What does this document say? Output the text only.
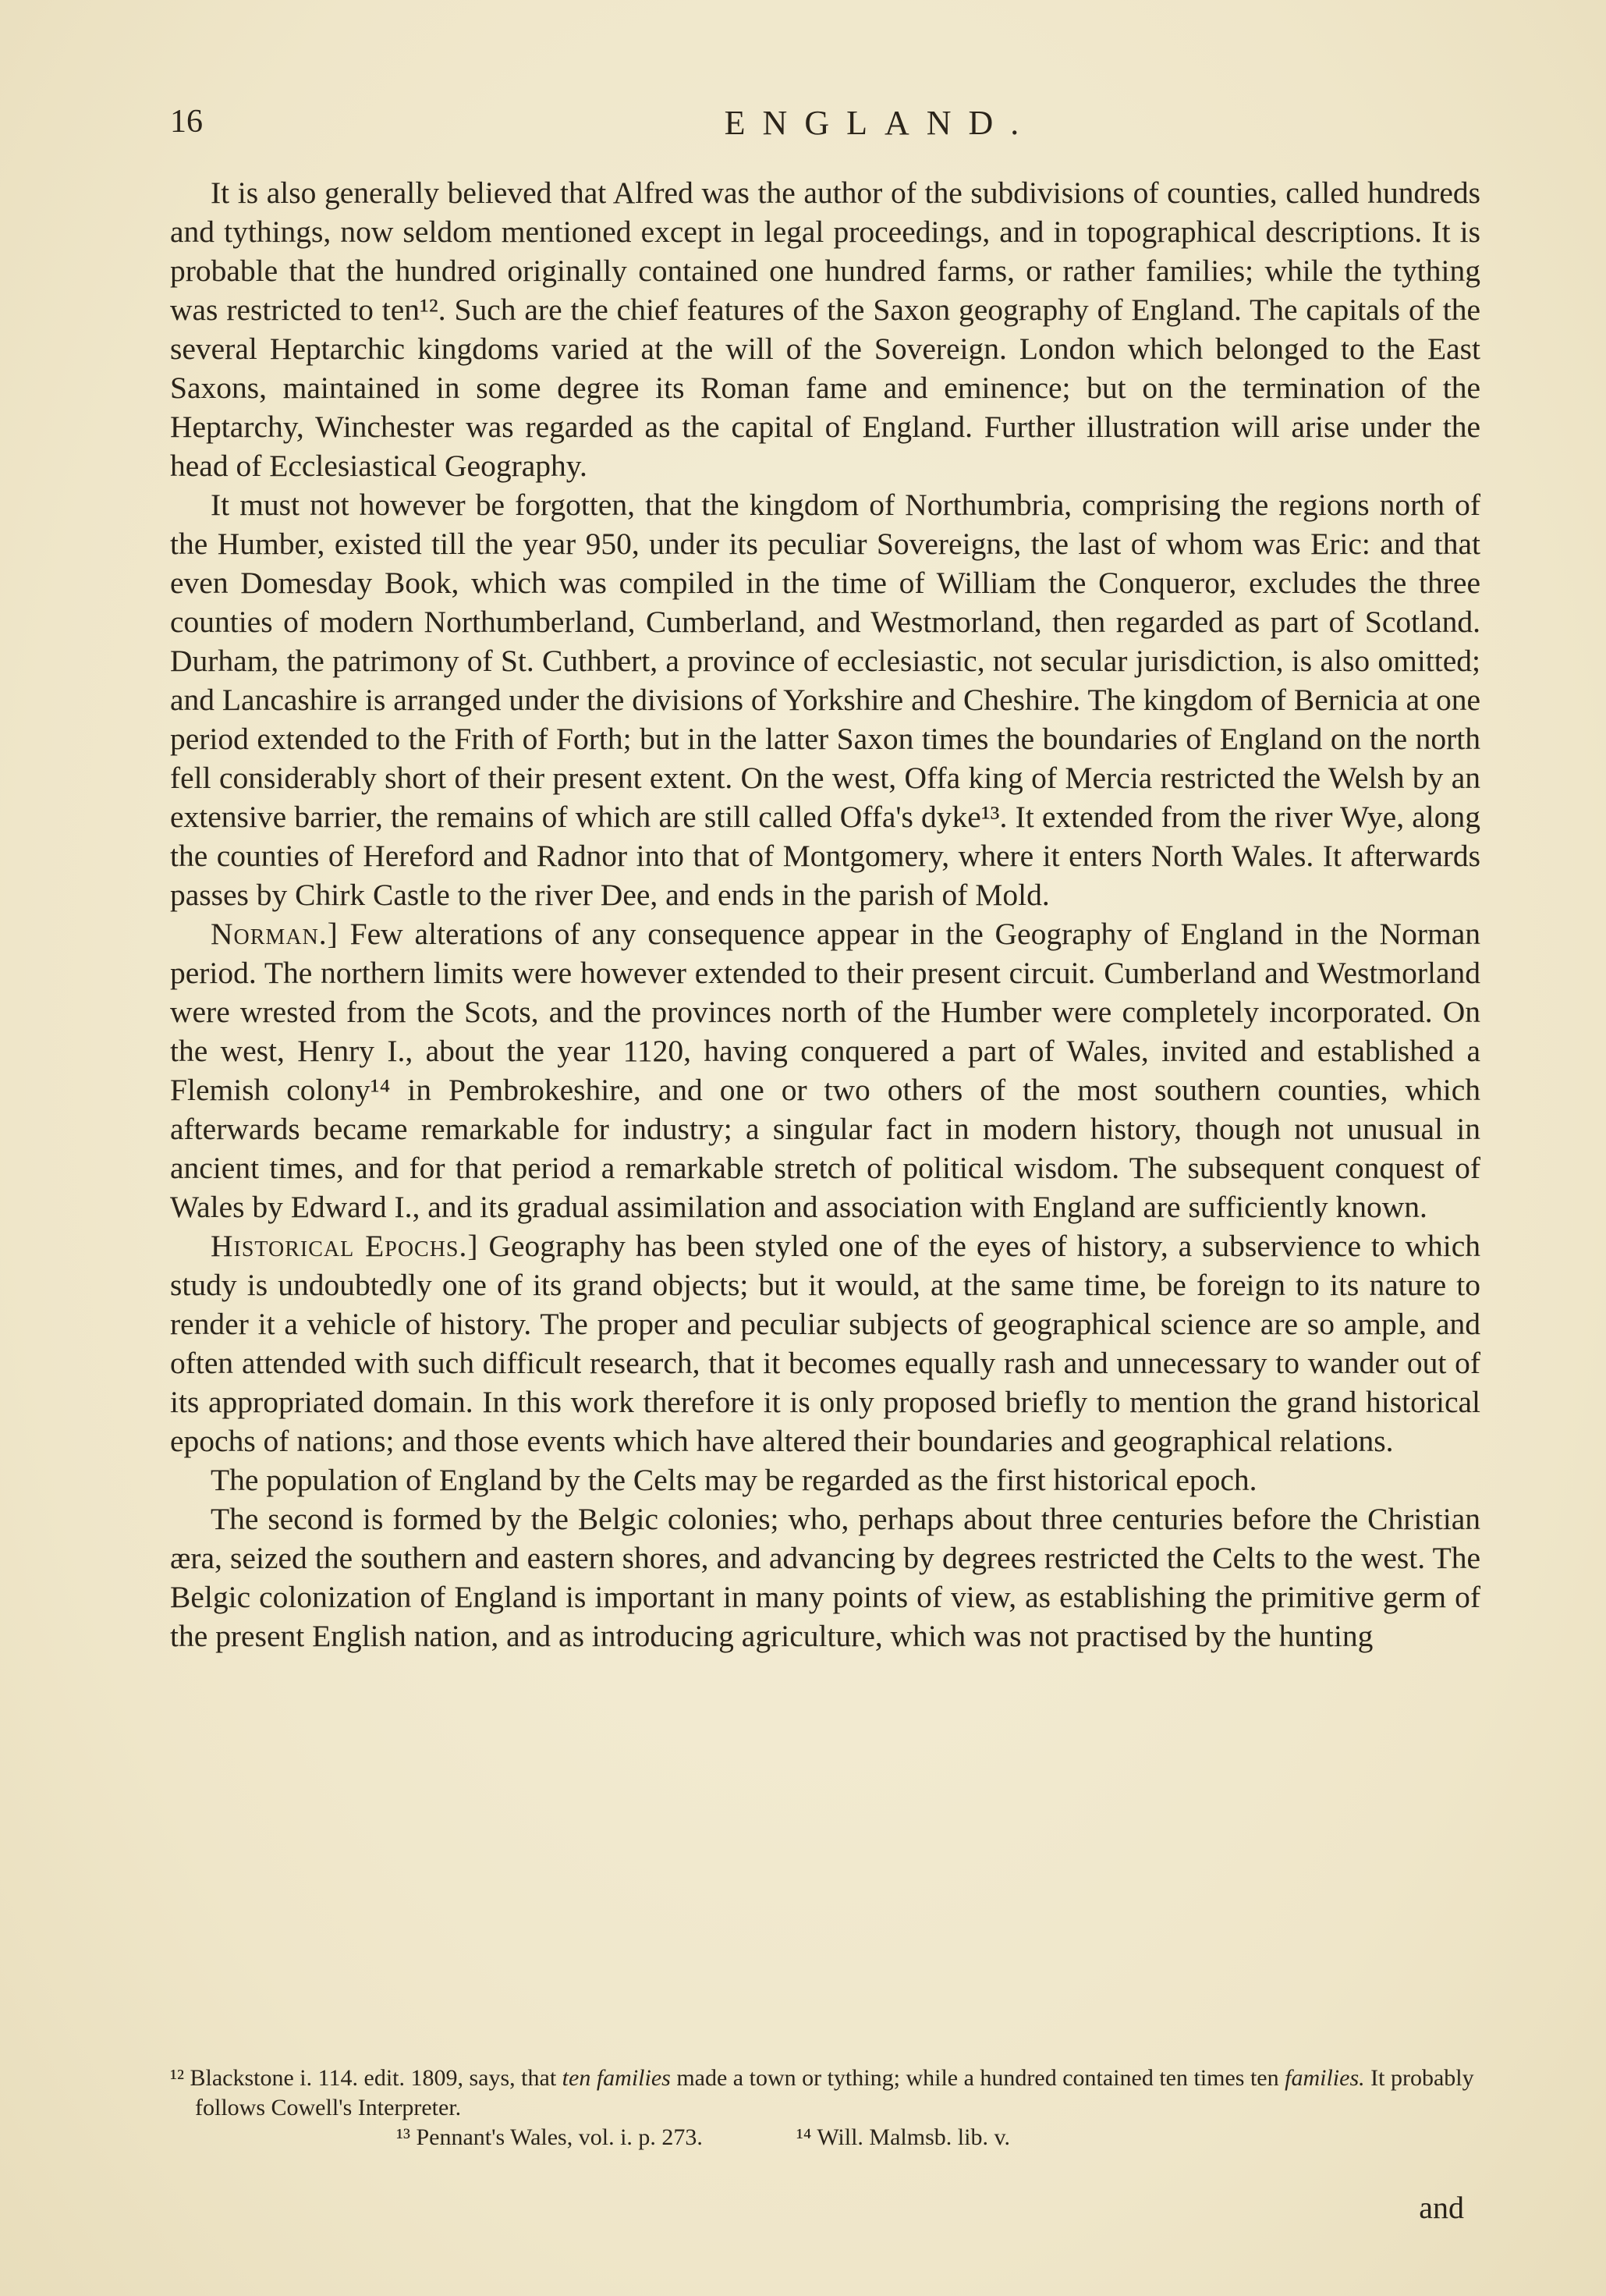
16	ENGLAND.

It is also generally believed that Alfred was the author of the subdivisions of counties, called hundreds and tythings, now seldom mentioned except in legal proceedings, and in topographical descriptions. It is probable that the hundred originally contained one hundred farms, or rather families; while the tything was restricted to ten¹². Such are the chief features of the Saxon geography of England. The capitals of the several Heptarchic kingdoms varied at the will of the Sovereign. London which belonged to the East Saxons, maintained in some degree its Roman fame and eminence; but on the termination of the Heptarchy, Winchester was regarded as the capital of England. Further illustration will arise under the head of Ecclesiastical Geography.

It must not however be forgotten, that the kingdom of Northumbria, comprising the regions north of the Humber, existed till the year 950, under its peculiar Sovereigns, the last of whom was Eric: and that even Domesday Book, which was compiled in the time of William the Conqueror, excludes the three counties of modern Northumberland, Cumberland, and Westmorland, then regarded as part of Scotland. Durham, the patrimony of St. Cuthbert, a province of ecclesiastic, not secular jurisdiction, is also omitted; and Lancashire is arranged under the divisions of Yorkshire and Cheshire. The kingdom of Bernicia at one period extended to the Frith of Forth; but in the latter Saxon times the boundaries of England on the north fell considerably short of their present extent. On the west, Offa king of Mercia restricted the Welsh by an extensive barrier, the remains of which are still called Offa's dyke¹³. It extended from the river Wye, along the counties of Hereford and Radnor into that of Montgomery, where it enters North Wales. It afterwards passes by Chirk Castle to the river Dee, and ends in the parish of Mold.

Norman.] Few alterations of any consequence appear in the Geography of England in the Norman period. The northern limits were however extended to their present circuit. Cumberland and Westmorland were wrested from the Scots, and the provinces north of the Humber were completely incorporated. On the west, Henry I., about the year 1120, having conquered a part of Wales, invited and established a Flemish colony¹⁴ in Pembrokeshire, and one or two others of the most southern counties, which afterwards became remarkable for industry; a singular fact in modern history, though not unusual in ancient times, and for that period a remarkable stretch of political wisdom. The subsequent conquest of Wales by Edward I., and its gradual assimilation and association with England are sufficiently known.

Historical Epochs.] Geography has been styled one of the eyes of history, a subservience to which study is undoubtedly one of its grand objects; but it would, at the same time, be foreign to its nature to render it a vehicle of history. The proper and peculiar subjects of geographical science are so ample, and often attended with such difficult research, that it becomes equally rash and unnecessary to wander out of its appropriated domain. In this work therefore it is only proposed briefly to mention the grand historical epochs of nations; and those events which have altered their boundaries and geographical relations.

The population of England by the Celts may be regarded as the first historical epoch.

The second is formed by the Belgic colonies; who, perhaps about three centuries before the Christian æra, seized the southern and eastern shores, and advancing by degrees restricted the Celts to the west. The Belgic colonization of England is important in many points of view, as establishing the primitive germ of the present English nation, and as introducing agriculture, which was not practised by the hunting

¹² Blackstone i. 114. edit. 1809, says, that ten families made a town or tything; while a hundred contained ten times ten families. It probably follows Cowell's Interpreter.

¹³ Pennant's Wales, vol. i. p. 273.	¹⁴ Will. Malmsb. lib. v.

and
